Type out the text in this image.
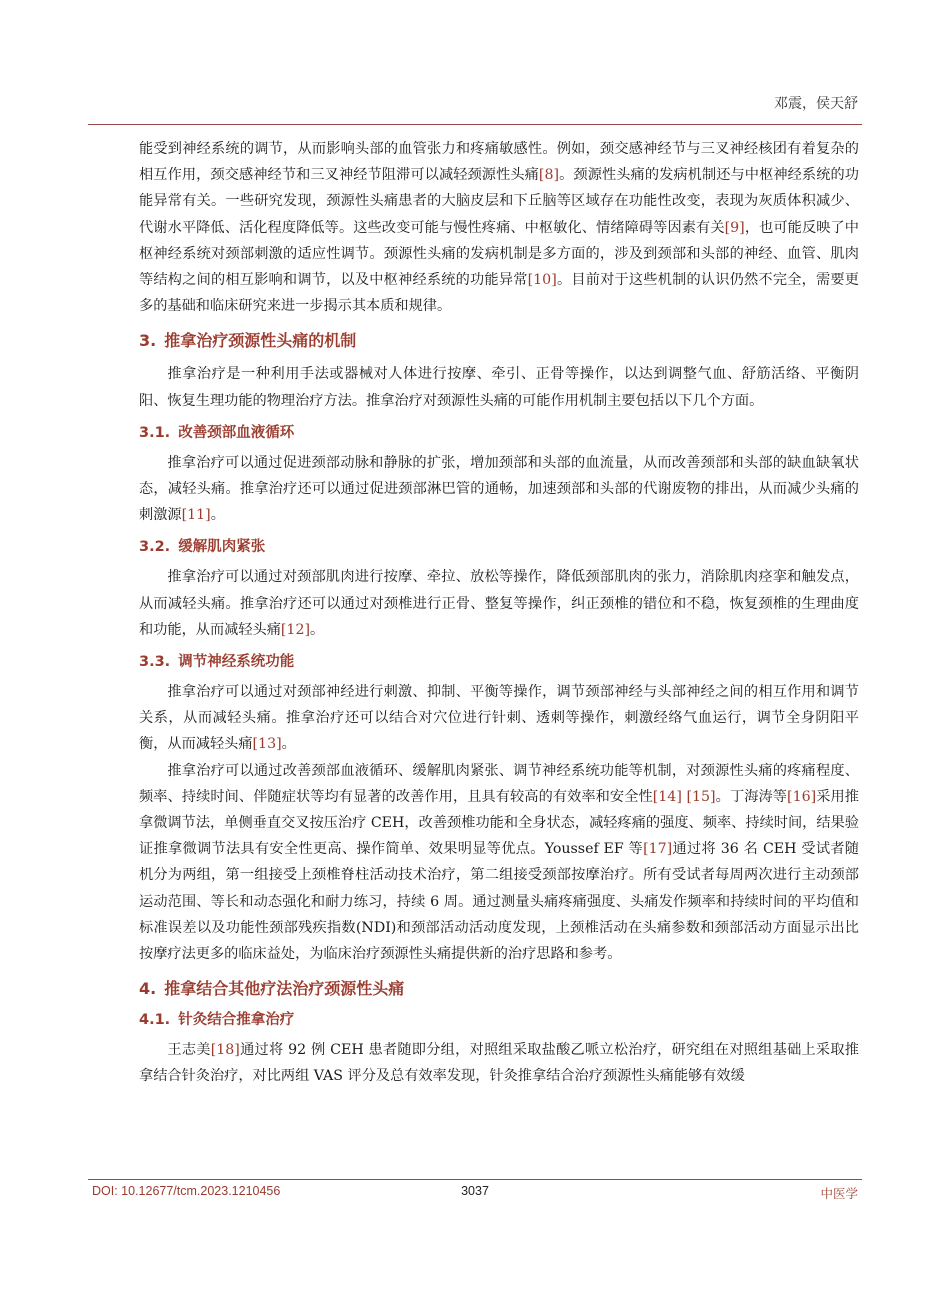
邓震，侯天舒

能受到神经系统的调节，从而影响头部的血管张力和疼痛敏感性。例如，颈交感神经节与三叉神经核团有着复杂的相互作用，颈交感神经节和三叉神经节阻滞可以减轻颈源性头痛[8]。颈源性头痛的发病机制还与中枢神经系统的功能异常有关。一些研究发现，颈源性头痛患者的大脑皮层和下丘脑等区域存在功能性改变，表现为灰质体积减少、代谢水平降低、活化程度降低等。这些改变可能与慢性疼痛、中枢敏化、情绪障碍等因素有关[9]，也可能反映了中枢神经系统对颈部刺激的适应性调节。颈源性头痛的发病机制是多方面的，涉及到颈部和头部的神经、血管、肌肉等结构之间的相互影响和调节，以及中枢神经系统的功能异常[10]。目前对于这些机制的认识仍然不完全，需要更多的基础和临床研究来进一步揭示其本质和规律。

3. 推拿治疗颈源性头痛的机制

推拿治疗是一种利用手法或器械对人体进行按摩、牵引、正骨等操作，以达到调整气血、舒筋活络、平衡阴阳、恢复生理功能的物理治疗方法。推拿治疗对颈源性头痛的可能作用机制主要包括以下几个方面。

3.1. 改善颈部血液循环

推拿治疗可以通过促进颈部动脉和静脉的扩张，增加颈部和头部的血流量，从而改善颈部和头部的缺血缺氧状态，减轻头痛。推拿治疗还可以通过促进颈部淋巴管的通畅，加速颈部和头部的代谢废物的排出，从而减少头痛的刺激源[11]。

3.2. 缓解肌肉紧张

推拿治疗可以通过对颈部肌肉进行按摩、牵拉、放松等操作，降低颈部肌肉的张力，消除肌肉痉挛和触发点，从而减轻头痛。推拿治疗还可以通过对颈椎进行正骨、整复等操作，纠正颈椎的错位和不稳，恢复颈椎的生理曲度和功能，从而减轻头痛[12]。

3.3. 调节神经系统功能

推拿治疗可以通过对颈部神经进行刺激、抑制、平衡等操作，调节颈部神经与头部神经之间的相互作用和调节关系，从而减轻头痛。推拿治疗还可以结合对穴位进行针刺、透刺等操作，刺激经络气血运行，调节全身阴阳平衡，从而减轻头痛[13]。

推拿治疗可以通过改善颈部血液循环、缓解肌肉紧张、调节神经系统功能等机制，对颈源性头痛的疼痛程度、频率、持续时间、伴随症状等均有显著的改善作用，且具有较高的有效率和安全性[14] [15]。丁海涛等[16]采用推拿微调节法，单侧垂直交叉按压治疗 CEH，改善颈椎功能和全身状态，减轻疼痛的强度、频率、持续时间，结果验证推拿微调节法具有安全性更高、操作简单、效果明显等优点。Youssef EF 等[17]通过将 36 名 CEH 受试者随机分为两组，第一组接受上颈椎脊柱活动技术治疗，第二组接受颈部按摩治疗。所有受试者每周两次进行主动颈部运动范围、等长和动态强化和耐力练习，持续 6 周。通过测量头痛疼痛强度、头痛发作频率和持续时间的平均值和标准误差以及功能性颈部残疾指数(NDI)和颈部活动活动度发现，上颈椎活动在头痛参数和颈部活动方面显示出比按摩疗法更多的临床益处，为临床治疗颈源性头痛提供新的治疗思路和参考。

4. 推拿结合其他疗法治疗颈源性头痛
4.1. 针灸结合推拿治疗

王志美[18]通过将 92 例 CEH 患者随即分组，对照组采取盐酸乙哌立松治疗，研究组在对照组基础上采取推拿结合针灸治疗，对比两组 VAS 评分及总有效率发现，针灸推拿结合治疗颈源性头痛能够有效缓

DOI: 10.12677/tcm.2023.1210456	3037	中医学
